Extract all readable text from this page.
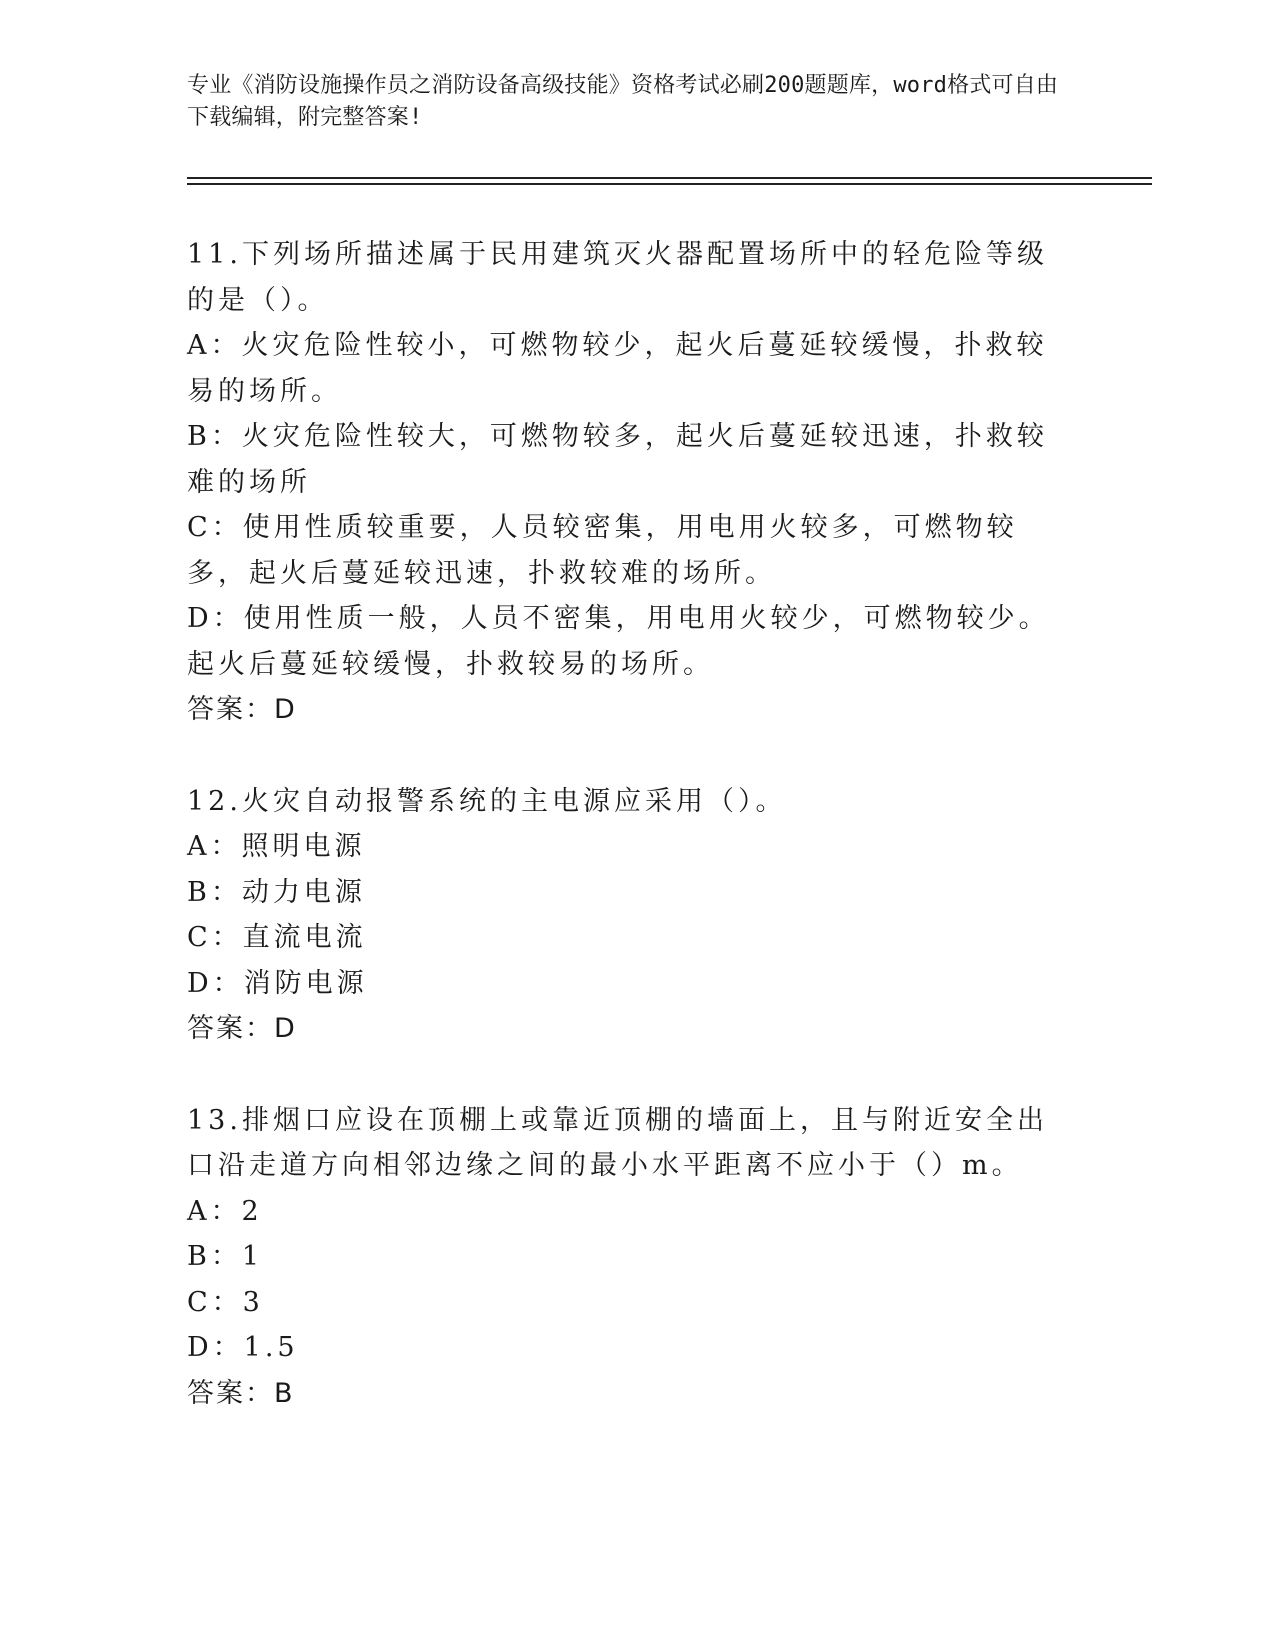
专业《消防设施操作员之消防设备高级技能》资格考试必刷200题题库，word格式可自由下载编辑，附完整答案!

11.下列场所描述属于民用建筑灭火器配置场所中的轻危险等级的是（）。

A：火灾危险性较小，可燃物较少，起火后蔓延较缓慢，扑救较易的场所。

B：火灾危险性较大，可燃物较多，起火后蔓延较迅速，扑救较难的场所

C：使用性质较重要，人员较密集，用电用火较多，可燃物较多，起火后蔓延较迅速，扑救较难的场所。

D：使用性质一般，人员不密集，用电用火较少，可燃物较少。起火后蔓延较缓慢，扑救较易的场所。

答案：D

12.火灾自动报警系统的主电源应采用（）。

A：照明电源

B：动力电源

C：直流电流

D：消防电源

答案：D

13.排烟口应设在顶棚上或靠近顶棚的墙面上，且与附近安全出口沿走道方向相邻边缘之间的最小水平距离不应小于（）m。

A：2

B：1

C：3

D：1.5

答案：B
